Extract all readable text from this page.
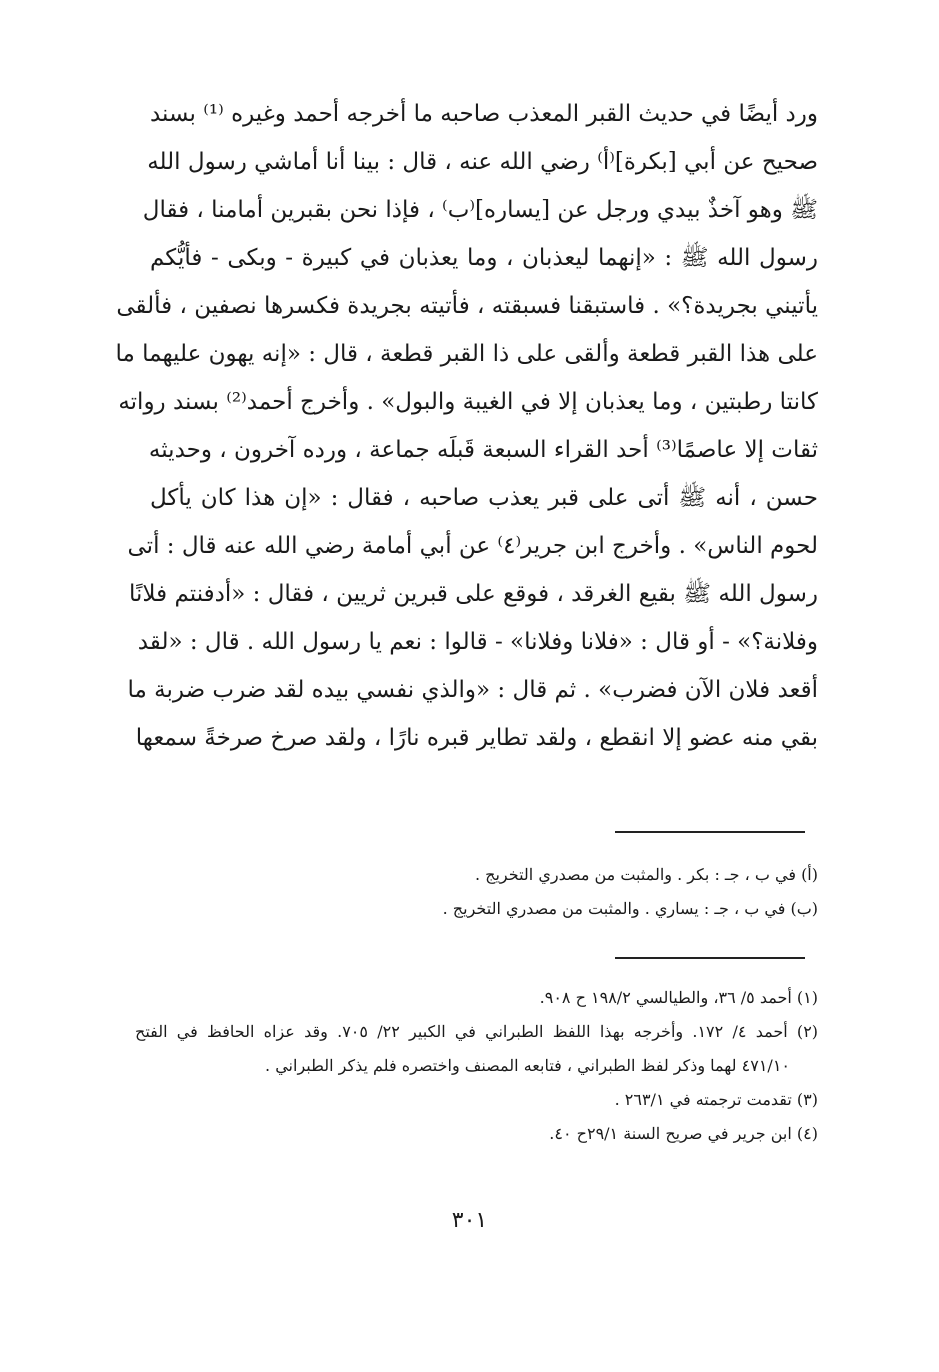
ورد أيضًا في حديث القبر المعذب صاحبه ما أخرجه أحمد وغيره ⁽¹⁾ بسند
صحيح عن أبي [بكرة]⁽أ⁾ رضي الله عنه ، قال : بينا أنا أماشي رسول الله
ﷺ وهو آخذٌ بيدي ورجل عن [يساره]⁽ب⁾ ، فإذا نحن بقبرين أمامنا ، فقال
رسول الله ﷺ : «إنهما ليعذبان ، وما يعذبان في كبيرة - وبكى - فأيُّكم
يأتيني بجريدة؟» . فاستبقنا فسبقته ، فأتيته بجريدة فكسرها نصفين ، فألقى
على هذا القبر قطعة وألقى على ذا القبر قطعة ، قال : «إنه يهون عليهما ما
كانتا رطبتين ، وما يعذبان إلا في الغيبة والبول» . وأخرج أحمد⁽²⁾ بسند رواته
ثقات إلا عاصمًا⁽³⁾ أحد القراء السبعة قَبلَه جماعة ، ورده آخرون ، وحديثه
حسن ، أنه ﷺ أتى على قبر يعذب صاحبه ، فقال : «إن هذا كان يأكل
لحوم الناس» . وأخرج ابن جرير⁽٤⁾ عن أبي أمامة رضي الله عنه قال : أتى
رسول الله ﷺ بقيع الغرقد ، فوقع على قبرين ثريين ، فقال : «أدفنتم فلانًا
وفلانة؟» - أو قال : «فلانا وفلانا» - قالوا : نعم يا رسول الله . قال : «لقد
أقعد فلان الآن فضرب» . ثم قال : «والذي نفسي بيده لقد ضرب ضربة ما
بقي منه عضو إلا انقطع ، ولقد تطاير قبره نارًا ، ولقد صرخ صرخةً سمعها
(أ) في ب ، جـ : بكر . والمثبت من مصدري التخريج .
(ب) في ب ، جـ : يساري . والمثبت من مصدري التخريج .
(١) أحمد ٥/ ٣٦، والطيالسي ١٩٨/٢ ح ٩٠٨.
(٢) أحمد ٤/ ١٧٢. وأخرجه بهذا اللفظ الطبراني في الكبير ٢٢/ ٧٠٥. وقد عزاه الحافظ في الفتح
٤٧١/١٠ لهما وذكر لفظ الطبراني ، فتابعه المصنف واختصره فلم يذكر الطبراني .
(٣) تقدمت ترجمته في ٢٦٣/١ .
(٤) ابن جرير في صريح السنة ٢٩/١ح ٤٠.
٣٠١
